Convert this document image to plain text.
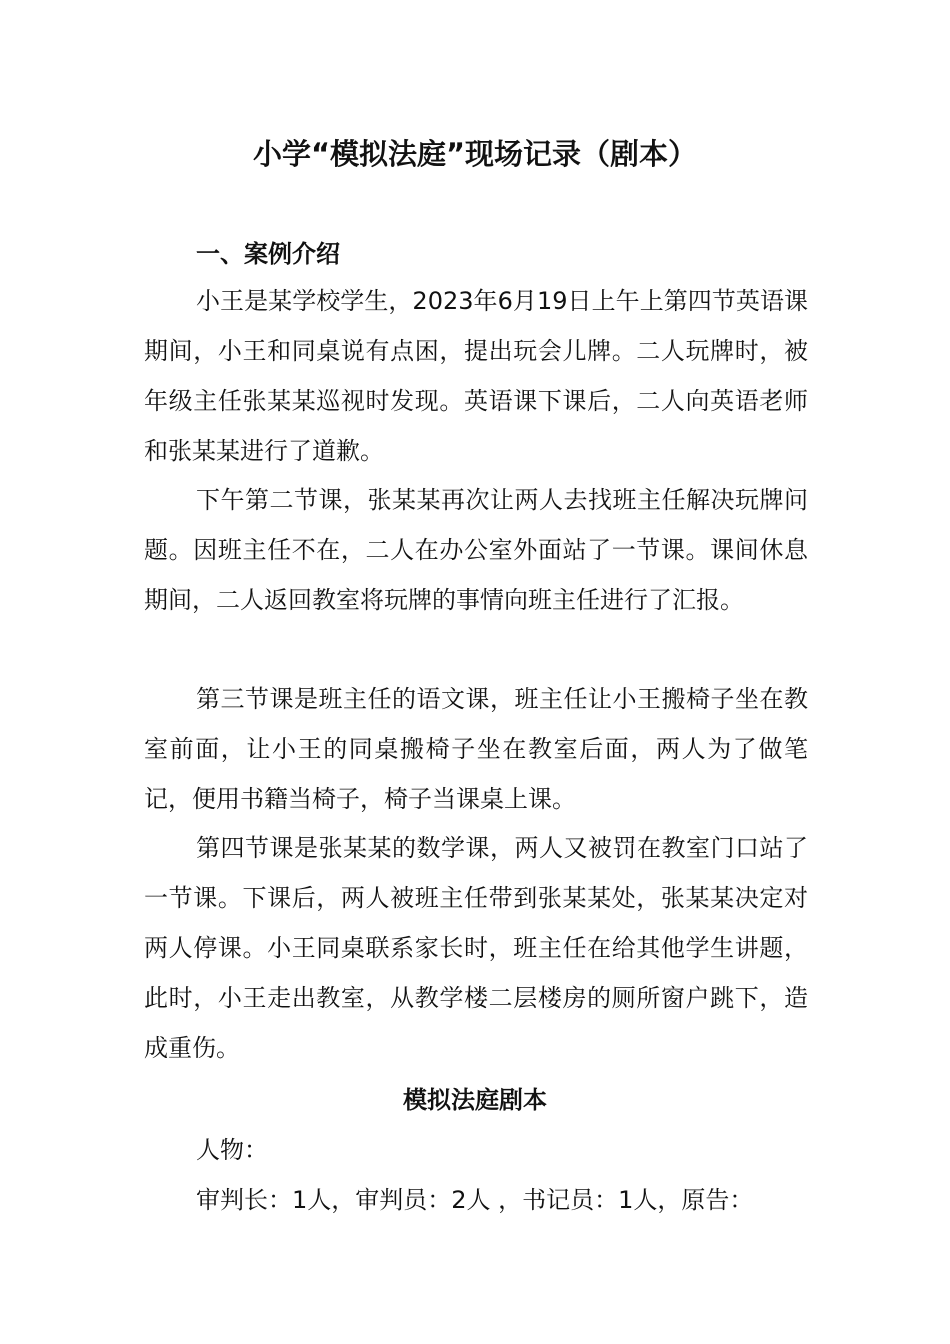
小学“模拟法庭”现场记录（剧本）
一、案例介绍

小王是某学校学生，2023年6月19日上午上第四节英语课期间，小王和同桌说有点困，提出玩会儿牌。二人玩牌时，被年级主任张某某巡视时发现。英语课下课后，二人向英语老师和张某某进行了道歉。

下午第二节课，张某某再次让两人去找班主任解决玩牌问题。因班主任不在，二人在办公室外面站了一节课。课间休息期间，二人返回教室将玩牌的事情向班主任进行了汇报。

第三节课是班主任的语文课，班主任让小王搬椅子坐在教室前面，让小王的同桌搬椅子坐在教室后面，两人为了做笔记，便用书籍当椅子，椅子当课桌上课。

第四节课是张某某的数学课，两人又被罚在教室门口站了一节课。下课后，两人被班主任带到张某某处，张某某决定对两人停课。小王同桌联系家长时，班主任在给其他学生讲题，此时，小王走出教室，从教学楼二层楼房的厕所窗户跳下，造成重伤。

模拟法庭剧本
人物：
审判长：1人，审判员：2人 ，书记员：1人，原告：
